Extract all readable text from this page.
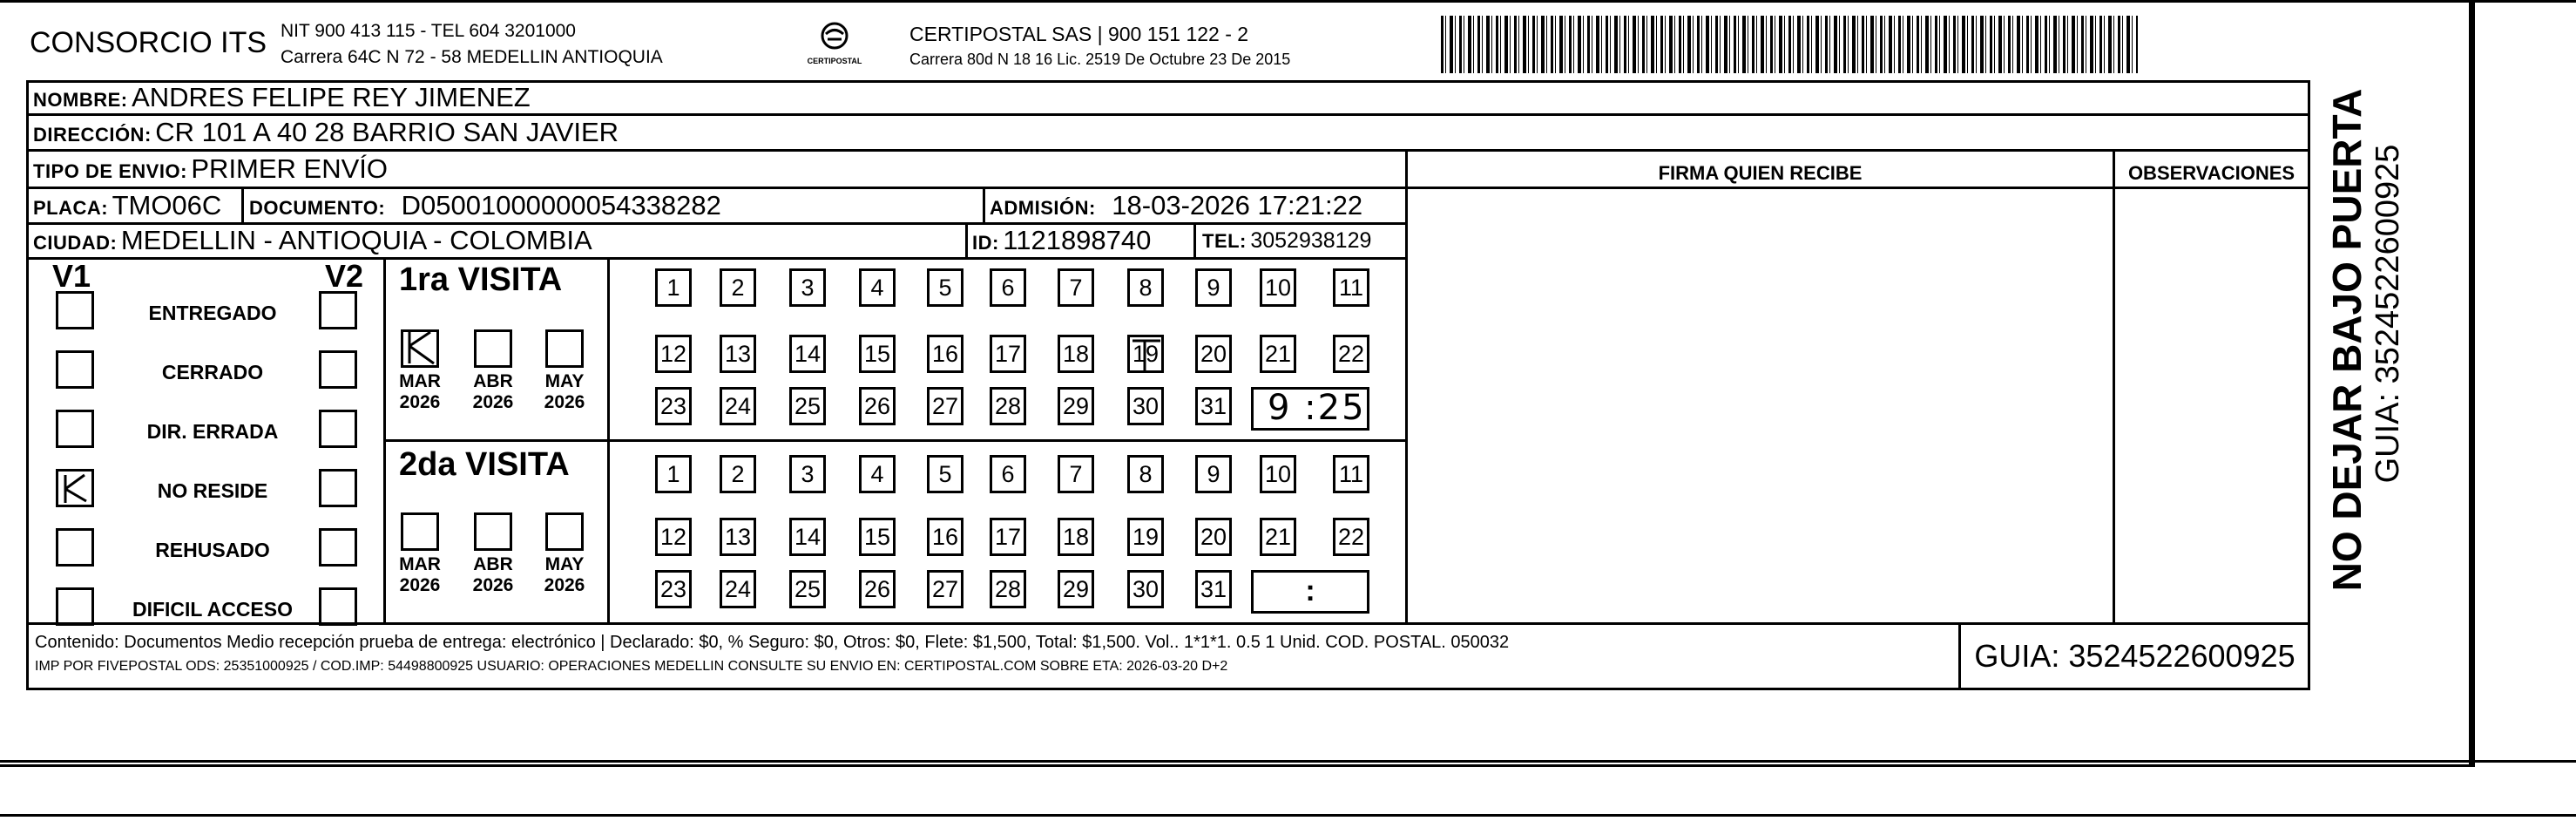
CONSORCIO ITS NIT 900 413 115 - TEL 604 3201000
Carrera 64C N 72 - 58 MEDELLIN ANTIOQUIA	CERTIPOSTAL
CERTIPOSTAL SAS | 900 151 122 - 2
Carrera 80d N 18 16 Lic. 2519 De Octubre 23 De 2015
NOMBRE: ANDRES FELIPE REY JIMENEZ
DIRECCIÓN: CR 101 A 40 28 BARRIO SAN JAVIER
TIPO DE ENVIO: PRIMER ENVÍO	FIRMA QUIEN RECIBE	OBSERVACIONES
PLACA: TMO06C DOCUMENTO: D05001000000054338282	ADMISIÓN: 18-03-2026 17:21:22
CIUDAD: MEDELLIN - ANTIOQUIA - COLOMBIA	ID: 1121898740	TEL: 3052938129
V1	V2
ENTREGADO
CERRADO
DIR. ERRADA
NO RESIDE
REHUSADO
DIFICIL ACCESO
1ra VISITA
2da VISITA
MAR
2026
ABR
2026
MAY
2026
MAR
2026
ABR
2026
MAY
2026
1	2	3	4	5	6	7	8	9	10 11
12 13 14 15 16 17 18 19 20 21 22
23 24 25 26 27 28 29 30 31
1	2	3	4	5	6	7	8	9	10 11
12 13 14 15 16 17 18 19 20 21 22
23 24 25 26 27 28 29 30 31
9 :25
:
Contenido: Documentos Medio recepción prueba de entrega: electrónico | Declarado: $0, % Seguro: $0, Otros: $0, Flete: $1,500, Total: $1,500. Vol.. 1*1*1. 0.5 1 Unid. COD. POSTAL. 050032
IMP POR FIVEPOSTAL ODS: 25351000925 / COD.IMP: 54498800925 USUARIO: OPERACIONES MEDELLIN CONSULTE SU ENVIO EN: CERTIPOSTAL.COM SOBRE ETA: 2026-03-20 D+2	GUIA: 3524522600925
NO DEJAR BAJO PUERTA GUIA: 3524522600925
